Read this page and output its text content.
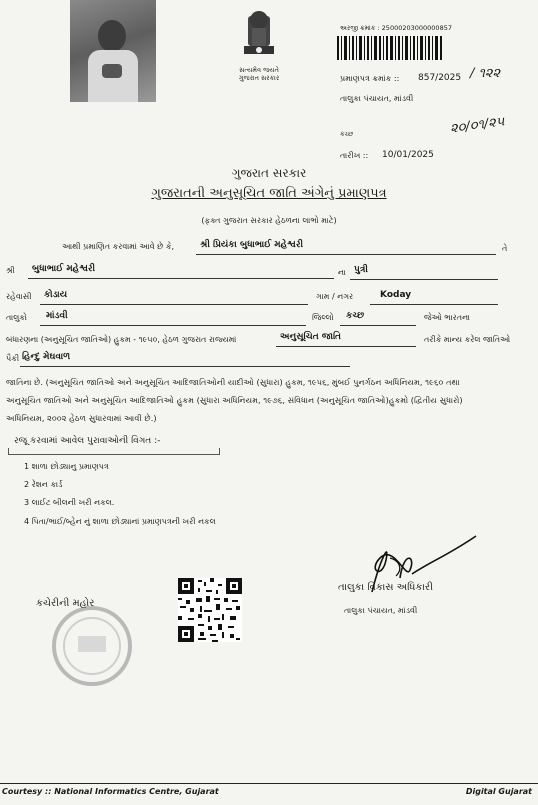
સત્યમેવ જયતે
ગુજરાત સરકાર
અરજી ક્રમાંક : 25000203000000857
પ્રમાણપત્ર ક્રમાંક :: 857/2025 / ૧૨૨
તાલુકા પંચાયત, માંડવી
૨૦/૦૧/૨૫
કચ્છ
તારીખ :: 10/01/2025
ગુજરાત સરકાર
ગુજરાતની અનુસૂચિત જાતિ અંગેનું પ્રમાણપત્ર
(ફક્ત ગુજરાત સરકાર હેઠળના લાભો માટે)
આથી પ્રમાણિત કરવામાં આવે છે કે,	શ્રી પ્રિયંકા બુધાભાઈ મહેશ્વરી	તે
શ્રી બુધાભાઈ મહેશ્વરી	ના પુત્રી
રહેવાસી કોડાય	ગામ / નગર	Koday
તાલુકો માંડવી	જિલ્લો કચ્છ	જેઓ ભારતના
બંધારણના (અનુસૂચિત જાતિઓ) હુકમ - ૧૯૫૦, હેઠળ ગુજરાત રાજ્યમાં	અનુસૂચિત જાતિ	તરીકે માન્ય કરેલ જાતિઓ
પૈકી હિન્દુ મેઘવાળ
જાતિના છે. (અનુસૂચિત જાતિઓ અને અનુસૂચિત આદિજાતિઓની યાદીઓ (સુધારા) હુકમ, ૧૯૫૬, મુંબઈ પુનર્ગઠન અધિનિયમ, ૧૯૬૦ તથા
અનુસૂચિત જાતિઓ અને અનુસૂચિત આદિજાતિઓ હુકમ (સુધારા અધિનિયમ, ૧૯૭૬, સંવિધાન (અનુસૂચિત જાતિઓ)હુકમો (દ્વિતીય સુધારો)
અધિનિયમ, ૨૦૦૨ હેઠળ સુધારવામાં આવી છે.)
રજૂ કરવામાં આવેલ પુરાવાઓની વિગત :-
1 શાળા છોડ્યાનુ પ્રમાણપત્ર
2 રેશન કાર્ડ
3 લાઈટ બીલની ખરી નકલ.
4 પિતા/ભાઈ/બ્હેન નું શાળા છોડ્યાનાં પ્રમાણપત્રની ખરી નકલ
કચેરીની મહોર
તાલુકા વિકાસ અધિકારી
તાલુકા પંચાયત, માંડવી
Courtesy :: National Informatics Centre, Gujarat	Digital Gujarat
